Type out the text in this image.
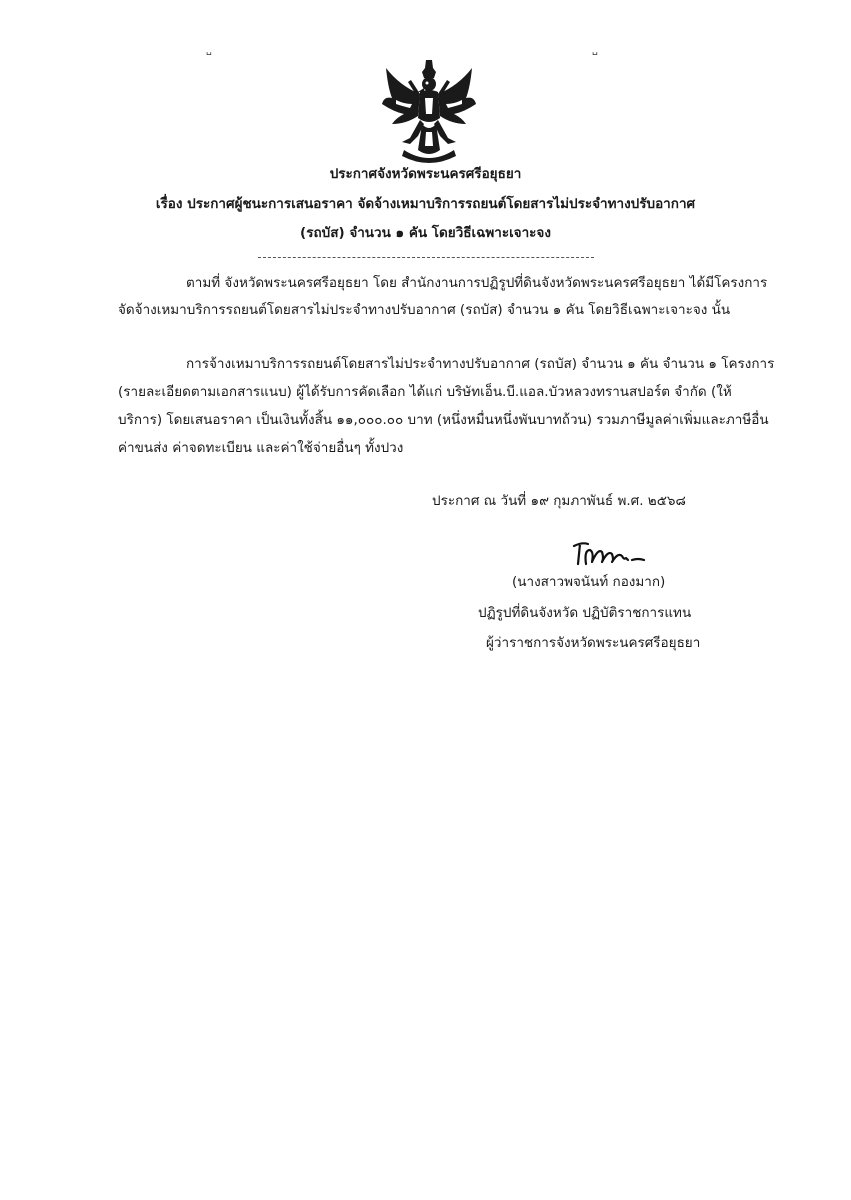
␣	␣
ประกาศจังหวัดพระนครศรีอยุธยา
เรื่อง ประกาศผู้ชนะการเสนอราคา จัดจ้างเหมาบริการรถยนต์โดยสารไม่ประจำทางปรับอากาศ
(รถบัส) จำนวน ๑ คัน โดยวิธีเฉพาะเจาะจง
ตามที่ จังหวัดพระนครศรีอยุธยา โดย สำนักงานการปฏิรูปที่ดินจังหวัดพระนครศรีอยุธยา ได้มีโครงการ
จัดจ้างเหมาบริการรถยนต์โดยสารไม่ประจำทางปรับอากาศ (รถบัส) จำนวน ๑ คัน โดยวิธีเฉพาะเจาะจง นั้น
การจ้างเหมาบริการรถยนต์โดยสารไม่ประจำทางปรับอากาศ (รถบัส) จำนวน ๑ คัน จำนวน ๑ โครงการ
(รายละเอียดตามเอกสารแนบ) ผู้ได้รับการคัดเลือก ได้แก่ บริษัทเอ็น.บี.แอล.บัวหลวงทรานสปอร์ต จำกัด (ให้
บริการ) โดยเสนอราคา เป็นเงินทั้งสิ้น ๑๑,๐๐๐.๐๐ บาท (หนึ่งหมื่นหนึ่งพันบาทถ้วน) รวมภาษีมูลค่าเพิ่มและภาษีอื่น
ค่าขนส่ง ค่าจดทะเบียน และค่าใช้จ่ายอื่นๆ ทั้งปวง
ประกาศ ณ วันที่ ๑๙ กุมภาพันธ์ พ.ศ. ๒๕๖๘
(นางสาวพจนันท์ กองมาก)
ปฏิรูปที่ดินจังหวัด ปฏิบัติราชการแทน
ผู้ว่าราชการจังหวัดพระนครศรีอยุธยา
